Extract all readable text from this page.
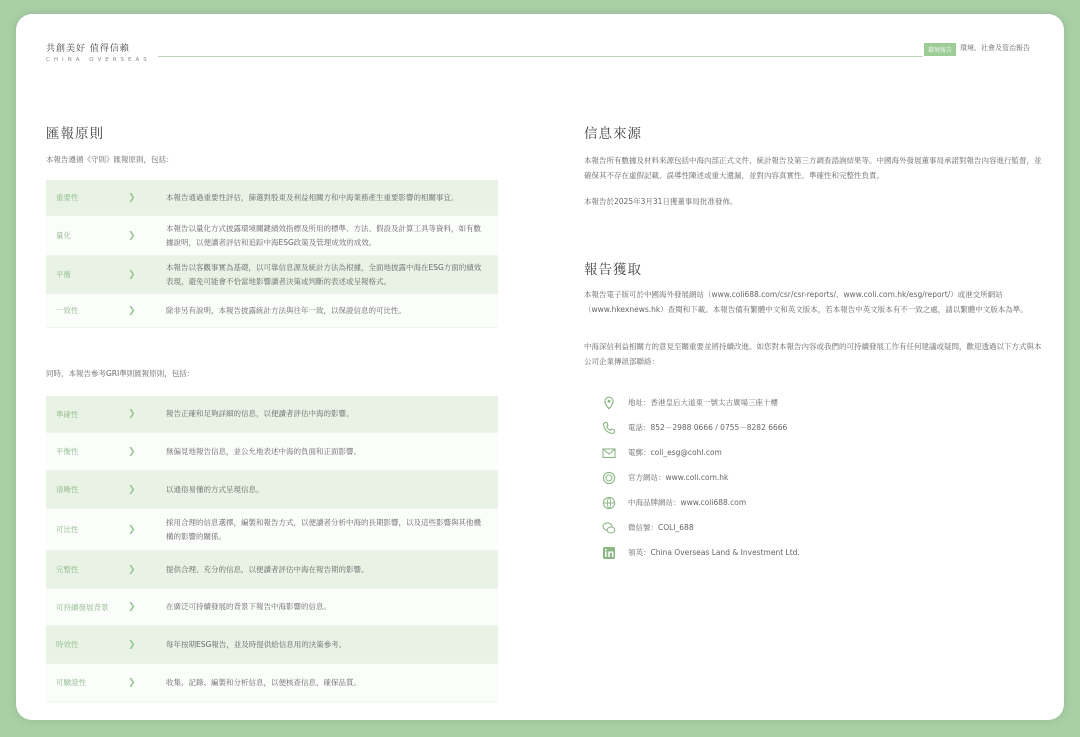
共創美好 值得信賴
CHINA OVERSEAS
環境報告	環境、社會及管治報告
匯報原則
本報告遵循《守則》匯報原則，包括：
重要性	❯	本報告通過重要性評估，篩選對股東及利益相關方和中海業務產生重要影響的相關事宜。
量化	❯
本報告以量化方式披露環境關鍵績效指標及所用的標準、方法、假設及計算工具等資料，如有數據說明，以便讀者評估和追踪中海ESG政策及管理成效的成效。
平衡	❯
本報告以客觀事實為基礎，以可靠信息源及統計方法為根據，全面地披露中海在ESG方面的績效表現，避免可能會不恰當地影響讀者決策或判斷的表述或呈報格式。
一致性	❯	除非另有說明，本報告披露統計方法與往年一致，以保證信息的可比性。
同時，本報告參考GRI準則匯報原則，包括：
準確性	❯	報告正確和足夠詳細的信息，以便讀者評估中海的影響。
平衡性	❯	無偏見地報告信息，並公允地表述中海的負面和正面影響。
清晰性	❯	以通俗易懂的方式呈現信息。
可比性	❯
採用合理的信息選擇，編製和報告方式，以便讀者分析中海的長期影響，以及這些影響與其他機構的影響的關係。
完整性	❯	提供合理、充分的信息，以便讀者評估中海在報告期的影響。
可持續發展背景	❯	在廣泛可持續發展的背景下報告中海影響的信息。
時效性	❯	每年按期ESG報告，並及時提供給信息用的決策參考。
可驗證性	❯	收集、記錄、編製和分析信息，以便核查信息，確保品質。
信息來源
本報告所有數據及材料來源包括中海內部正式文件、統計報告及第三方調查諮詢結果等。中國海外發展董事局承諾對報告內容進行監督，並確保其不存在虛假記載、誤導性陳述或重大遺漏，並對內容真實性、準確性和完整性負責。
本報告於2025年3月31日獲董事局批准發佈。
報告獲取
本報告電子版可於中國海外發展網站（www.coli688.com/csr/csr-reports/、www.coli.com.hk/esg/report/）或港交所網站（www.hkexnews.hk）查閱和下載。本報告備有繁體中文和英文版本，若本報告中英文版本有不一致之處，請以繁體中文版本為準。
中海深信利益相關方的意見至關重要並將持續改進。如您對本報告內容或我們的可持續發展工作有任何建議或疑問，歡迎透過以下方式與本公司企業傳訊部聯絡：
地址：香港皇后大道東一號太古廣場三座十樓
電話：852－2988 0666 / 0755－8282 6666
電郵：coli_esg@cohl.com
官方網站：www.coli.com.hk
中海品牌網站：www.coli688.com
微信號：COLI_688
領英：China Overseas Land & Investment Ltd.
